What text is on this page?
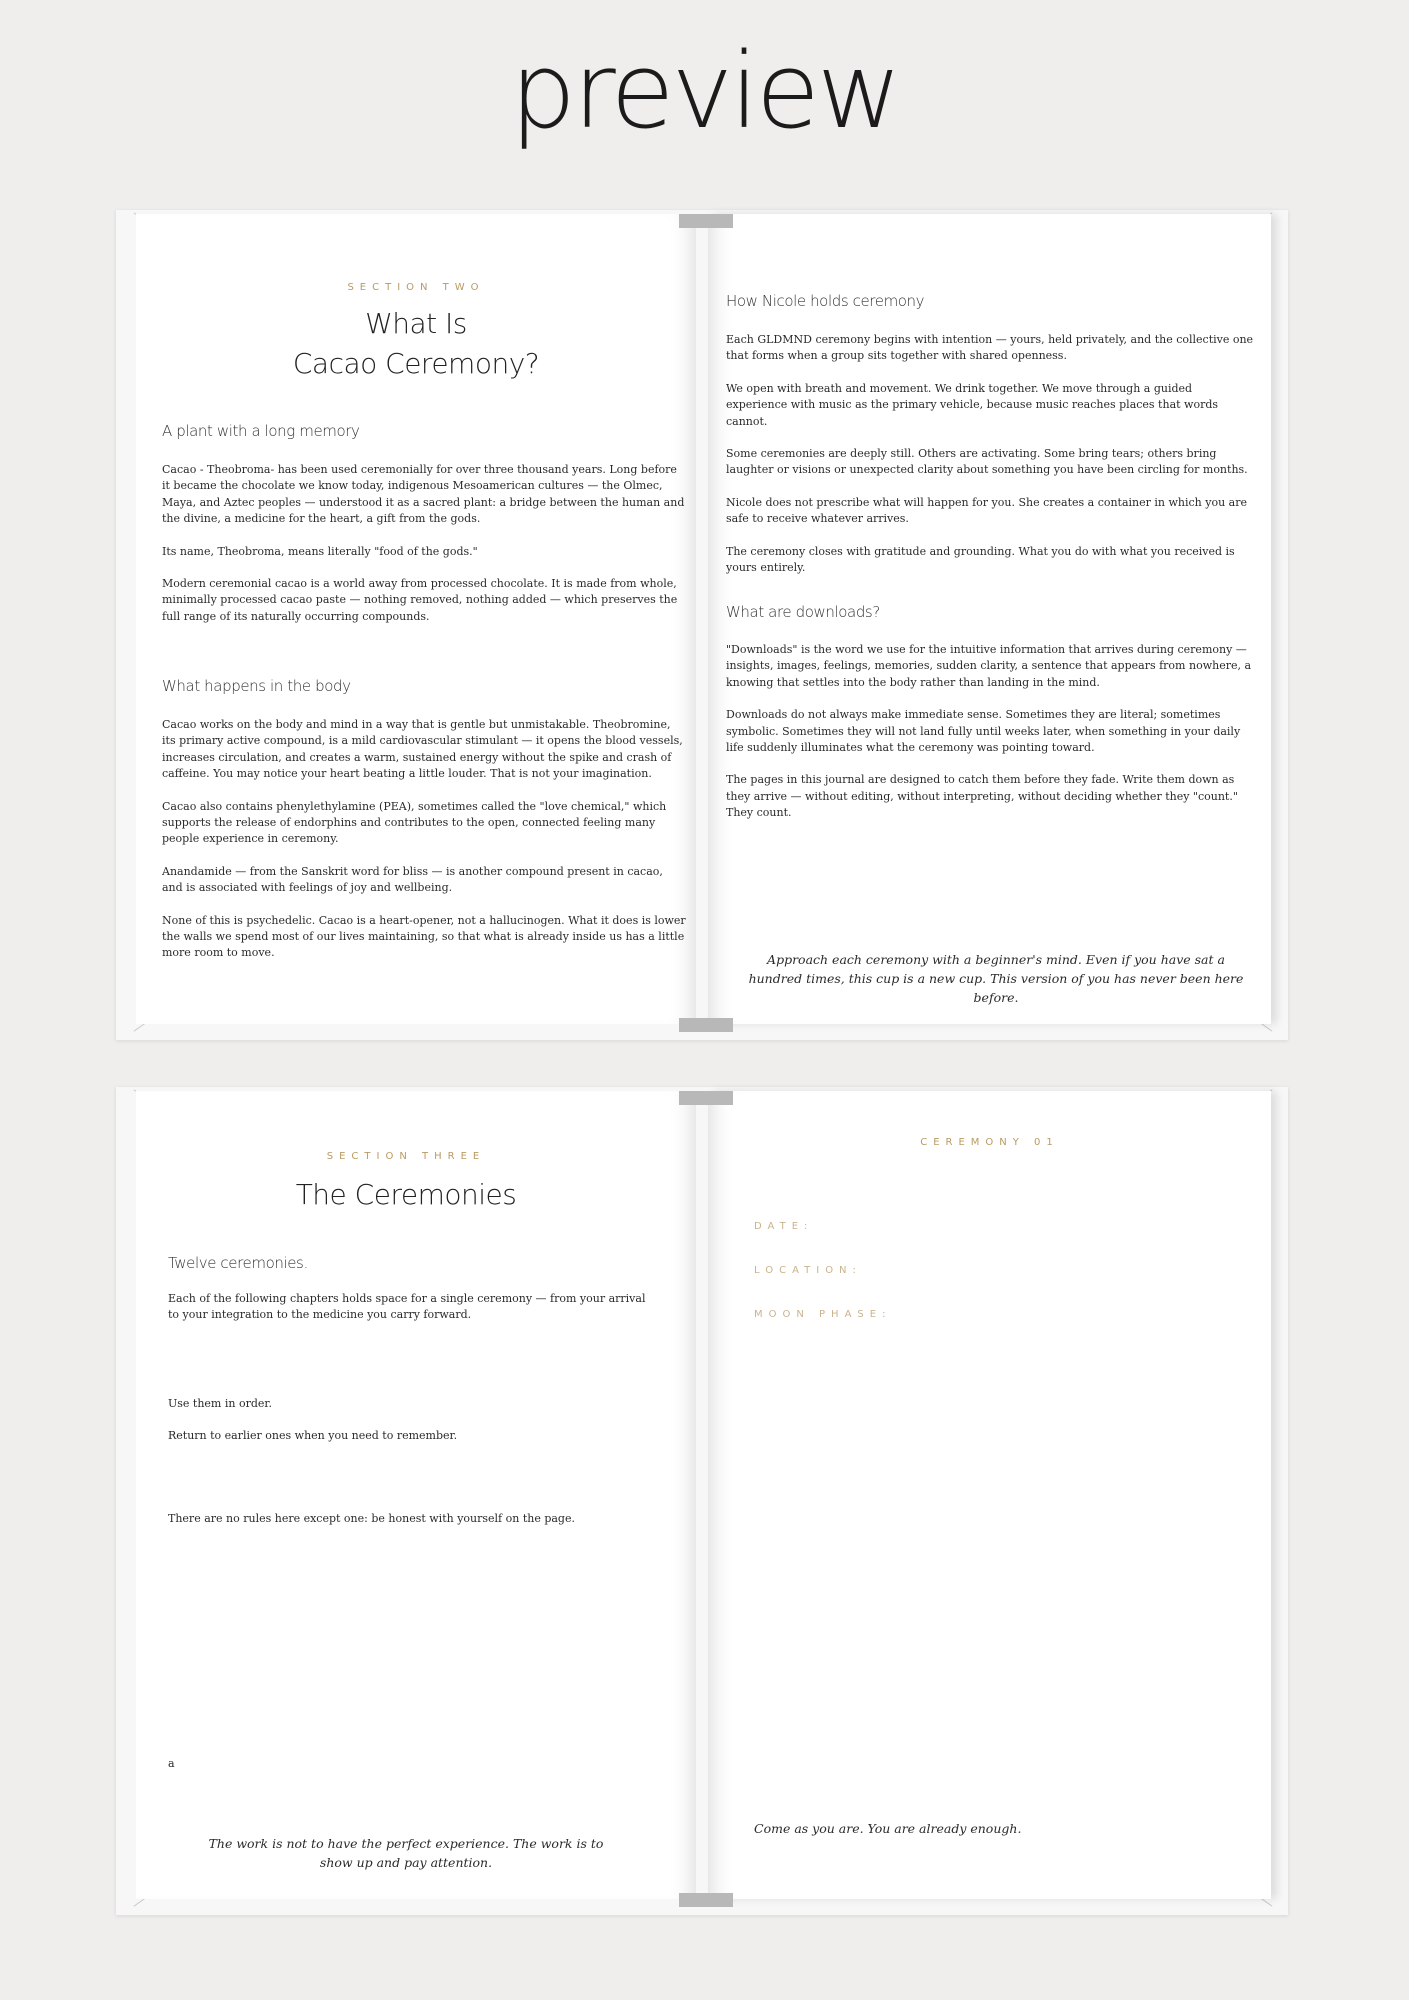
preview
SECTION TWO
What Is
Cacao Ceremony?
A plant with a long memory

Cacao - Theobroma- has been used ceremonially for over three thousand years. Long before it became the chocolate we know today, indigenous Mesoamerican cultures — the Olmec, Maya, and Aztec peoples — understood it as a sacred plant: a bridge between the human and the divine, a medicine for the heart, a gift from the gods.

Its name, Theobroma, means literally "food of the gods."

Modern ceremonial cacao is a world away from processed chocolate. It is made from whole, minimally processed cacao paste — nothing removed, nothing added — which preserves the full range of its naturally occurring compounds.

What happens in the body

Cacao works on the body and mind in a way that is gentle but unmistakable. Theobromine, its primary active compound, is a mild cardiovascular stimulant — it opens the blood vessels, increases circulation, and creates a warm, sustained energy without the spike and crash of caffeine. You may notice your heart beating a little louder. That is not your imagination.

Cacao also contains phenylethylamine (PEA), sometimes called the "love chemical," which supports the release of endorphins and contributes to the open, connected feeling many people experience in ceremony.

Anandamide — from the Sanskrit word for bliss — is another compound present in cacao, and is associated with feelings of joy and wellbeing.

None of this is psychedelic. Cacao is a heart-opener, not a hallucinogen. What it does is lower the walls we spend most of our lives maintaining, so that what is already inside us has a little more room to move.

How Nicole holds ceremony

Each GLDMND ceremony begins with intention — yours, held privately, and the collective one that forms when a group sits together with shared openness.

We open with breath and movement. We drink together. We move through a guided experience with music as the primary vehicle, because music reaches places that words cannot.

Some ceremonies are deeply still. Others are activating. Some bring tears; others bring laughter or visions or unexpected clarity about something you have been circling for months.

Nicole does not prescribe what will happen for you. She creates a container in which you are safe to receive whatever arrives.

The ceremony closes with gratitude and grounding. What you do with what you received is yours entirely.

What are downloads?

"Downloads" is the word we use for the intuitive information that arrives during ceremony — insights, images, feelings, memories, sudden clarity, a sentence that appears from nowhere, a knowing that settles into the body rather than landing in the mind.

Downloads do not always make immediate sense. Sometimes they are literal; sometimes symbolic. Sometimes they will not land fully until weeks later, when something in your daily life suddenly illuminates what the ceremony was pointing toward.

The pages in this journal are designed to catch them before they fade. Write them down as they arrive — without editing, without interpreting, without deciding whether they "count."

They count.

Approach each ceremony with a beginner's mind. Even if you have sat a hundred times, this cup is a new cup. This version of you has never been here before.
SECTION THREE
The Ceremonies
Twelve ceremonies.

Each of the following chapters holds space for a single ceremony — from your arrival to your integration to the medicine you carry forward.

Use them in order.

Return to earlier ones when you need to remember.

There are no rules here except one: be honest with yourself on the page.

a
The work is not to have the perfect experience. The work is to show up and pay attention.
CEREMONY 01
DATE:
LOCATION:
MOON PHASE:
Come as you are. You are already enough.
